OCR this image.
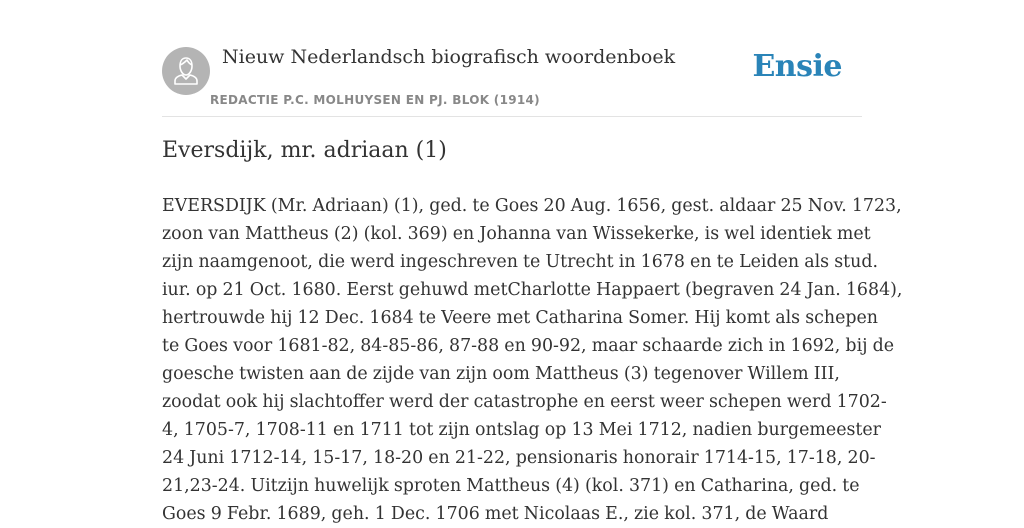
Nieuw Nederlandsch biografisch woordenboek
REDACTIE P.C. MOLHUYSEN EN PJ. BLOK (1914)
Ensie
Eversdijk, mr. adriaan (1)

EVERSDIJK (Mr. Adriaan) (1), ged. te Goes 20 Aug. 1656, gest. aldaar 25 Nov. 1723,
zoon van Mattheus (2) (kol. 369) en Johanna van Wissekerke, is wel identiek met
zijn naamgenoot, die werd ingeschreven te Utrecht in 1678 en te Leiden als stud.
iur. op 21 Oct. 1680. Eerst gehuwd metCharlotte Happaert (begraven 24 Jan. 1684),
hertrouwde hij 12 Dec. 1684 te Veere met Catharina Somer. Hij komt als schepen
te Goes voor 1681-82, 84-85-86, 87-88 en 90-92, maar schaarde zich in 1692, bij de
goesche twisten aan de zijde van zijn oom Mattheus (3) tegenover Willem III,
zoodat ook hij slachtoffer werd der catastrophe en eerst weer schepen werd 1702-
4, 1705-7, 1708-11 en 1711 tot zijn ontslag op 13 Mei 1712, nadien burgemeester
24 Juni 1712-14, 15-17, 18-20 en 21-22, pensionaris honorair 1714-15, 17-18, 20-
21,23-24. Uitzijn huwelijk sproten Mattheus (4) (kol. 371) en Catharina, ged. te
Goes 9 Febr. 1689, geh. 1 Dec. 1706 met Nicolaas E., zie kol. 371, de Waard
